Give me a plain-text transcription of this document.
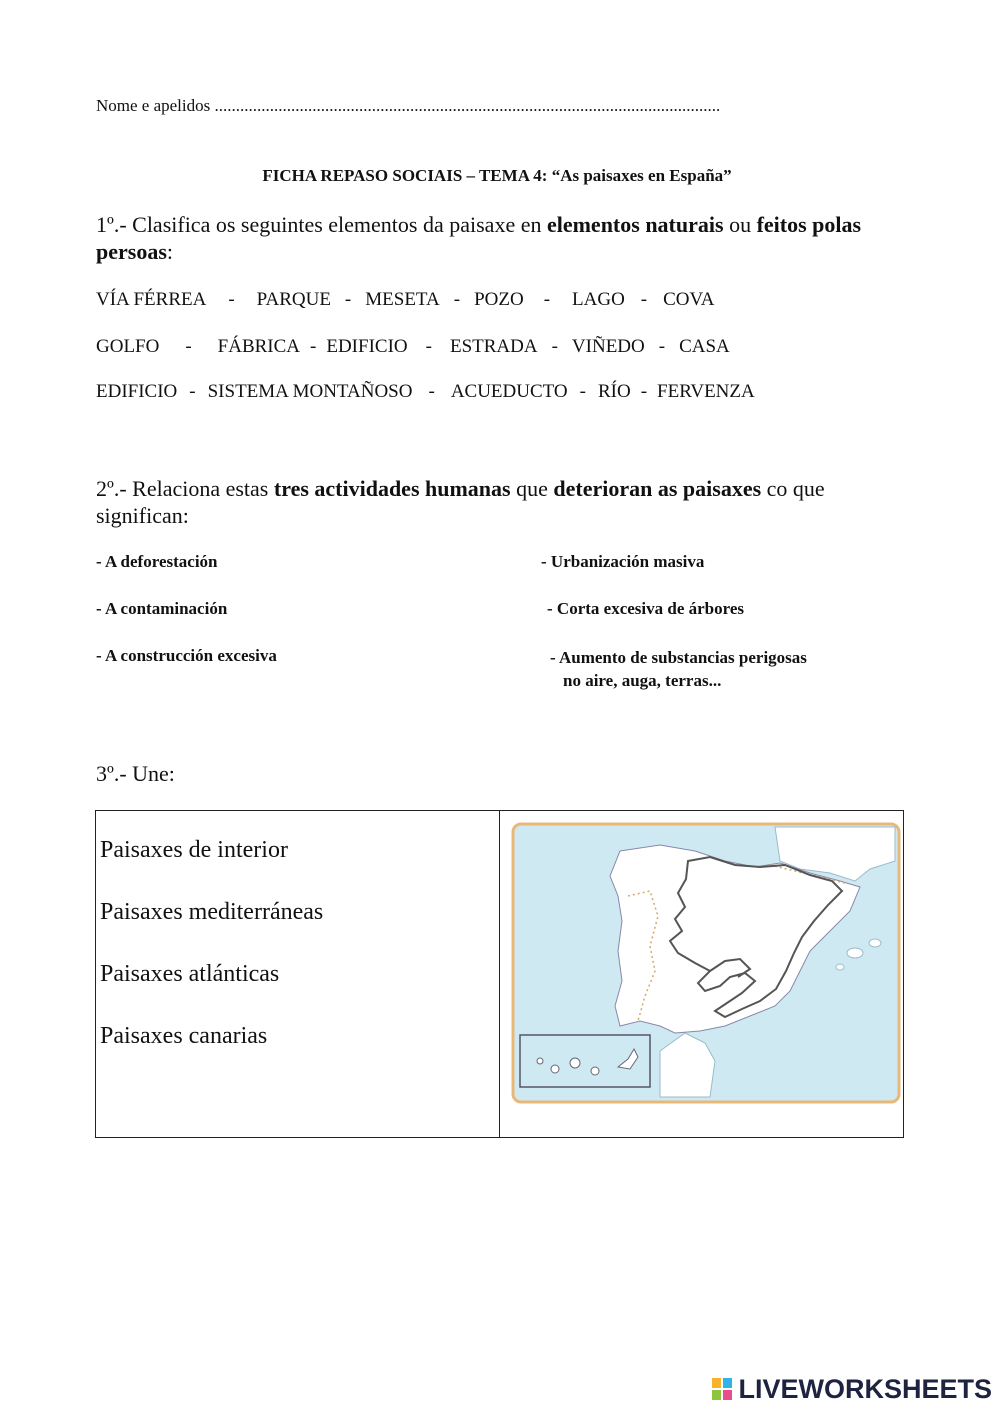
Nome e apelidos .......................................................................................................................
FICHA REPASO SOCIAIS – TEMA 4: “As paisaxes en España”
1º.- Clasifica os seguintes elementos da paisaxe en elementos naturais ou feitos polas persoas:
VÍA FÉRREA - PARQUE - MESETA - POZO - LAGO - COVA
GOLFO - FÁBRICA - EDIFICIO - ESTRADA - VIÑEDO - CASA
EDIFICIO - SISTEMA MONTAÑOSO - ACUEDUCTO - RÍO - FERVENZA
2º.- Relaciona estas tres actividades humanas que deterioran as paisaxes co que significan:
- A deforestación
- A contaminación
- A construcción excesiva
- Urbanización masiva
- Corta excesiva de árbores
- Aumento de substancias perigosas
no aire, auga, terras...
3º.- Une:
Paisaxes de interior
Paisaxes mediterráneas
Paisaxes atlánticas
Paisaxes canarias

LIVEWORKSHEETS
